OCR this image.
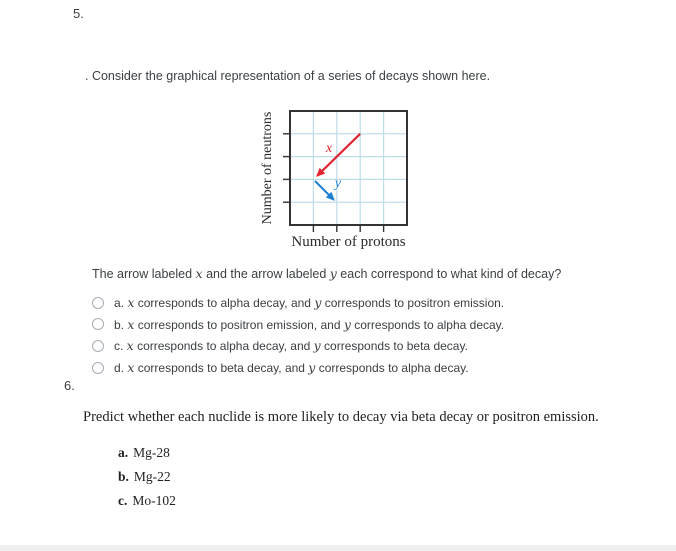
5.
. Consider the graphical representation of a series of decays shown here.
x
y
Number of neutrons
Number of protons
The arrow labeled x and the arrow labeled y each correspond to what kind of decay?
a. x corresponds to alpha decay, and y corresponds to positron emission.
b. x corresponds to positron emission, and y corresponds to alpha decay.
c. x corresponds to alpha decay, and y corresponds to beta decay.
d. x corresponds to beta decay, and y corresponds to alpha decay.
6.
Predict whether each nuclide is more likely to decay via beta decay or positron emission.
a. Mg-28
b. Mg-22
c. Mo-102
